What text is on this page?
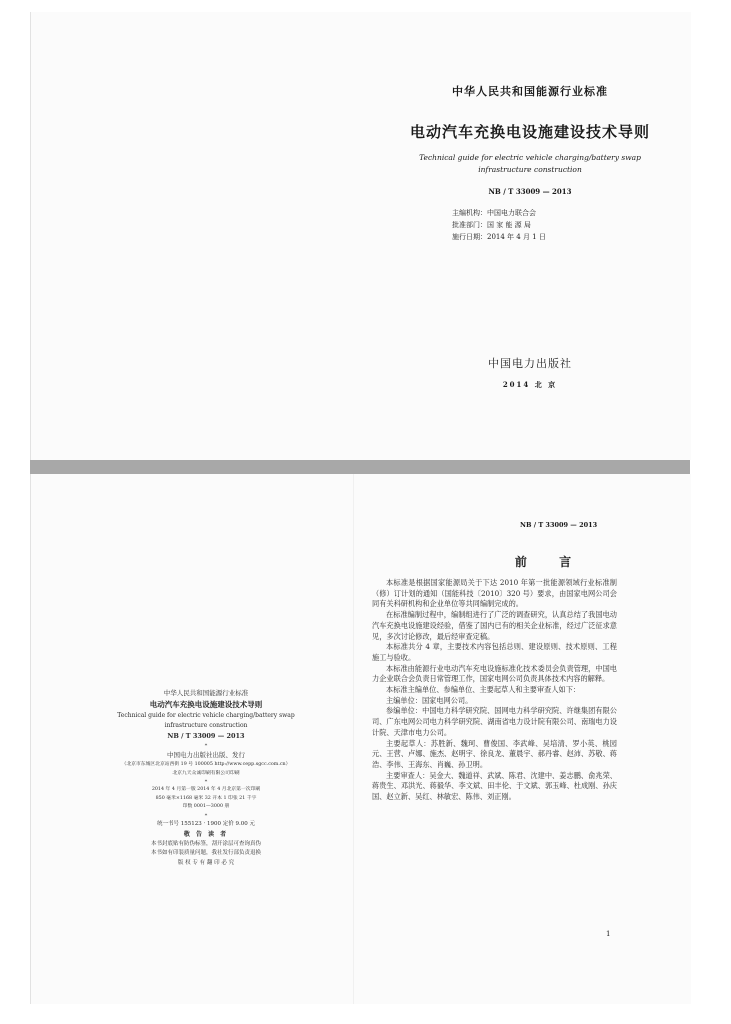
中华人民共和国能源行业标准
电动汽车充换电设施建设技术导则
Technical guide for electric vehicle charging/battery swap
infrastructure construction
NB / T 33009 — 2013
主编机构：中国电力联合会
批准部门：国 家 能 源 局
施行日期：2014 年 4 月 1 日
中国电力出版社
2014 北 京
中华人民共和国能源行业标准
电动汽车充换电设施建设技术导则
Technical guide for electric vehicle charging/battery swap
infrastructure construction
NB / T 33009 — 2013
*
中国电力出版社出版、发行
（北京市东城区北京站西街 19 号 100005 http://www.cepp.sgcc.com.cn）
北京九天众诚印刷有限公司印刷
*
2014 年 4 月第一版 2014 年 4 月北京第一次印刷
850 毫米×1168 毫米 32 开本 1 印张 21 千字
印数 0001—3000 册
*
统一书号 155123 · 1900 定价 9.00 元
敬 告 读 者
本书封底贴有防伪标签，刮开涂层可查询真伪
本书如有印装质量问题，我社发行部负责退换
版 权 专 有 翻 印 必 究
NB / T 33009 — 2013
前 言

本标准是根据国家能源局关于下达 2010 年第一批能源领域行业标准制（修）订计划的通知（国能科技〔2010〕320 号）要求，由国家电网公司会同有关科研机构和企业单位等共同编制完成的。

在标准编制过程中，编制组进行了广泛的调查研究，认真总结了我国电动汽车充换电设施建设经验，借鉴了国内已有的相关企业标准，经过广泛征求意见，多次讨论修改，最后经审查定稿。

本标准共分 4 章，主要技术内容包括总则、建设原则、技术原则、工程施工与验收。

本标准由能源行业电动汽车充电设施标准化技术委员会负责管理，中国电力企业联合会负责日常管理工作，国家电网公司负责具体技术内容的解释。

本标准主编单位、参编单位、主要起草人和主要审查人如下：

主编单位：国家电网公司。

参编单位：中国电力科学研究院、国网电力科学研究院、许继集团有限公司、广东电网公司电力科学研究院、湖南省电力设计院有限公司、南瑞电力设计院、天津市电力公司。

主要起草人：苏胜新、魏珂、曹俊国、李武峰、吴培清、罗小英、桃园元、王营、卢娜、施杰、赵明宇、徐良龙、董晨宇、郝丹睿、赵沛、苏敬、蒋浩、李伟、王海东、肖巍、孙卫明。

主要审查人：吴金大、魏道祥、武斌、陈君、沈建中、姜志鹏、俞兆荣、蒋贵生、邓洪光、蒋毅华、李文斌、田丰伦、于文斌、郭玉峰、杜成刚、孙庆国、赵立新、吴红、林敏宏、陈伟、刘正刚。

1
